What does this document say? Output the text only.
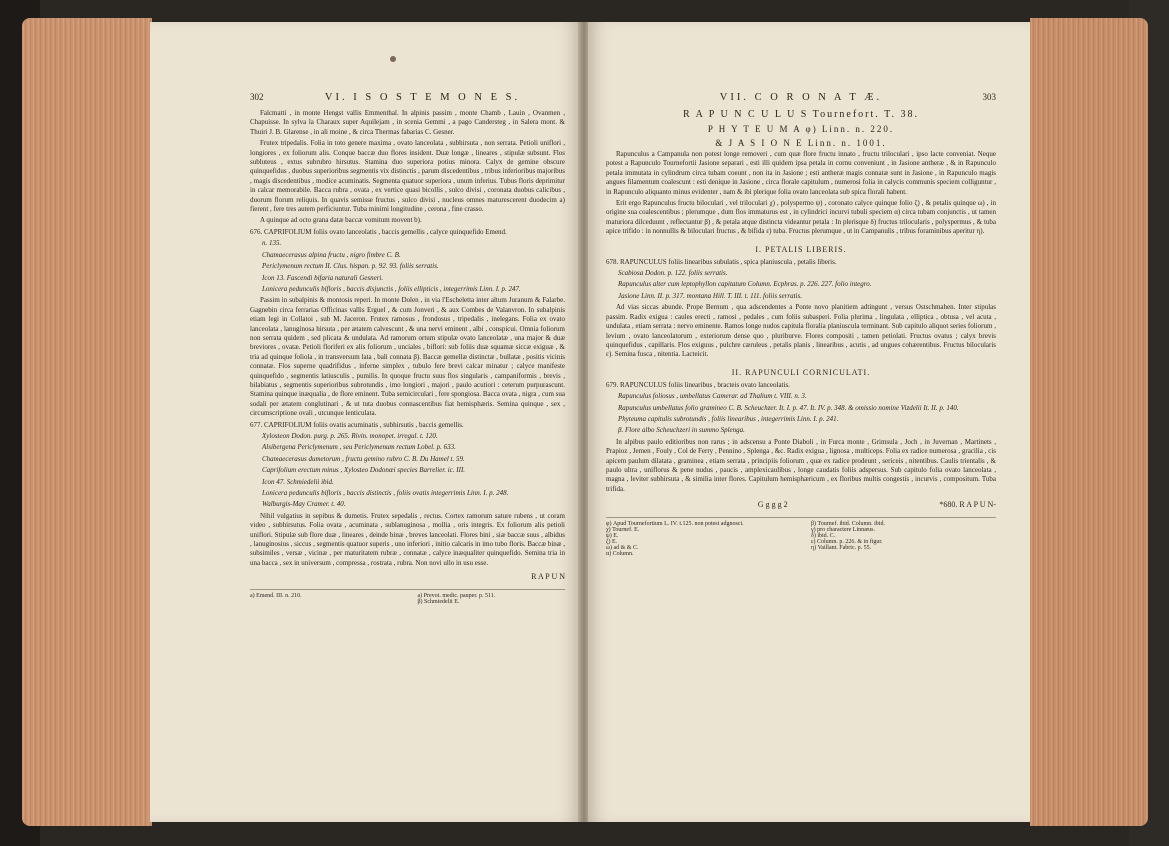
302	VI. I S O S T E M O N E S.

Falcmatti , in monte Hengst vallis Emmenthal. In alpinis passim , monte Chamb , Lauin , Ovanmen , Chapuisse. In sylva la Charaux super Aquilejam , in scenia Gemmi , a pago Candersteg , in Salera mont. & Thuiri J. B. Glarense , in ali moine , & circa Thermas fabarias C. Gesner.

Frutex tripedalis. Folia in toto genere maxima , ovato lanceolata , subhirsuta , non serrata. Petioli uniflori , longiores , ex foliorum alis. Conque baccæ duo flores insident. Duæ longæ , lineares , stipulæ subsunt. Flos subluteus , extus subrubro hirsutus. Stamina duo superiora potius minora. Calyx de gemine obscure quinquefidus , duobus superioribus segmentis vix distinctis , parum discedentibus , tribus inferioribus majoribus , magis discedentibus , modice acuminatis. Segmenta quatuor superiora , unum inferius. Tubus floris deprimitur in calcar memorabile. Bacca rubra , ovata , ex vertice quasi bicollis , sulco divisi , coronata duobus calicibus , duorum florum reliquis. In quavis semisse fructus , sulco divisi , nucleus omnes maturescerent duodecim a) fierent , fere tres autem perficiuntur. Tuba minimi longitudine , cerona , fine crasso.

A quinque ad octo grana datæ baccæ vomitum movent b).

676. CAPRIFOLIUM foliis ovato lanceolatis , baccis gemellis , calyce quinquefido Emend.

n. 135.

Chamaecerasus alpina fructu , nigro fimbre C. B.

Periclymenum rectum II. Clus. hispan. p. 92. 93. foliis serratis.

Icon 13. Fascendi bifaria naturali Gesneri.

Lonicera pedunculis bifloris , baccis disjunctis , foliis ellipticis , integerrimis Linn. I. p. 247.

Passim in subalpinis & montosis reperi. In monte Dolen , in via l'Escheletta inter altum Juranum & Falarbe. Gagnebin circa ferrarias Officinas vallis Erguel , & cum Jonveri , & aux Combes de Valanvron. In subalpinis etiam legi in Collatoi , sub M. Jaceron. Frutex ramosus , frondosus , tripedalis , inelegans. Folia ex ovato lanceolata , lanuginosa hirsuta , per ætatem calvescunt , & una nervi eminent , albi , conspicui. Omnia foliorum non serrata quidem , sed plicata & undulata. Ad ramorum ortum stipulæ ovato lanceolatæ , una major & duæ breviores , ovatæ. Petioli floriferi ex alis foliorum , unciales , biflori: sub foliis duæ squamæ siccæ exiguæ , & tria ad quinque foliola , in transversum lata , bali connata β). Baccæ gemellæ distinctæ , bullatæ , positis vicinis connatæ. Flos superne quadrifidus , inferne simplex , tubulo fere brevi calcar minatur ; calyce manifeste quinquefido , segmentis latiusculis , pumilis. In quoque fructu suus flos singularis , campaniformis , brevis , bilabiatus , segmentis superioribus subrotundis , imo longiori , majori , paulo acutiori : ceterum purpurascunt. Stamina quinque inæqualia , de flore eminent. Tuba semicirculari , fere spongiosa. Bacca ovata , nigra , cum sua sodali per ætatem conglutinari , & ut tuta duobus connascentibus fiat hemisphæris. Semina quinque , sex , circumscriptione ovali , utcunque lenticulata.

677. CAPRIFOLIUM foliis ovatis acuminatis , subhirsutis , baccis gemellis.

Xylosteon Dodon. purg. p. 265. Rivin. monopet. irregul. t. 120.

Alsibergena Periclymenum , seu Periclymenum rectum Lobel. p. 633.

Chamaecerasus dumetorum , fructu gemino rubro C. B. Du Hamel t. 59.

Caprifolium erectum minus , Xylosteo Dodonæi species Barrelier. ic. III.

Icon 47. Schmiedelii ibid.

Lonicera pedunculis bifloris , baccis distinctis , foliis ovatis integerrimis Linn. I. p. 248.

Walburgis-May Cramer. t. 40.

Nihil vulgatius in sepibus & dumetis. Frutex sepedalis , rectus. Cortex ramorum sature rubens , ut coram video , subhirsutus. Folia ovata , acuminata , sublanuginosa , mollia , oris integris. Ex foliorum alis petioli uniflori. Stipulæ sub flore duæ , lineares , deinde binæ , breves lanceolati. Flores bini , siæ baccæ suus , albidus , lanuginosius , siccus , segmentis quatuor superis , uno inferiori , initio calcaris in imo tubo floris. Baccæ binæ , subsimiles , versæ , vicinæ , per maturitatem rubræ , connatæ , calyce inæqualiter quinquefido. Semina tria in una bacca , sex in universum , compressa , rostrata , rubra. Non novi ullo in usu esse.

R A P U N
a) Emend. III. n. 210.	a) Prevot. medic. pauper. p. 511.
β) Schmiedelii E.
VII. C O R O N A T Æ.	303
R A P U N C U L U S Tournefort. T. 38.
P H Y T E U M A φ) Linn. n. 220.
& J A S I O N E Linn. n. 1001.

Rapunculus a Campanula non potest longe removeri , cum quæ flore fructu innato , fructu triloculari , ipso lacte conveniat. Neque potest a Rapunculo Tournefortii Jasione separari , esti illi quidem ipsa petala in cornu conveniunt , in Jasione antheræ , & in Rapunculo petala immutata in cylindrum circa tubam coeunt , non ita in Jasione ; esti antheræ magis connatæ sunt in Jasione , in Rapunculo magis angues filamentum coalescunt : esti denique in Jasione , circa florale capitulum , numerosi folia in calycis communis speciem colliguntur , in Rapunculo aliquanto minus evidenter , nam & ibi plerique folia ovato lanceolata sub spica florali habent.

Erit ergo Rapunculus fructu biloculari , vel triloculari χ) , polyspermo ψ) , coronato calyce quinque folio ζ) , & petalis quinque ω) , in origine sua coalescentibus ; plerumque , dum flos immaturus est , in cylindrici incurvi tubuli speciem α) circa tubam conjunctis , ut tamen maturiora dilceduunt , reflectantur β) , & petala atque distincta videantur petala : In plerisque δ) fructus trilocularis , polyspermus , & tuba apice trifido : in nonnullis & biloculari fructus , & bifida ε) tuba. Fructus plerumque , ut in Campanulis , tribus foraminibus aperitur η).

I. PETALIS LIBERIS.

678. RAPUNCULUS foliis linearibus subulatis , spica planiuscula , petalis liberis.

Scabiosa Dodon. p. 122. foliis serratis.

Rapunculus alter cum leptophyllon capitatum Column. Ecphras. p. 226. 227. folio integro.

Jasione Linn. II. p. 317. montana Hill. T. III. t. 111. foliis serratis.

Ad vias siccas abunde. Prope Bernum , qua adscendentes a Ponte novo planitiem adtingunt , versus Ostschmahen. Inter stipulas passim. Radix exigua : caules erecti , ramosi , pedales , cum foliis subasperi. Folia plurima , lingulata , elliptica , obtusa , vel acuta , undulata , etiam serrata : nervo eminente. Ramos longe nudos capitula floralia planiuscula terminant. Sub capitulo aliquot series foliorum , levium , ovato lanceolatorum , exteriorum dense quo , pluriburve. Flores compositi , tamen petiolati. Fructus ovatus ; calyx brevis quinquefidus , capillaris. Flos exiguus , pulchre cæruleus , petalis planis , linearibus , acutis , ad ungues cohærentibus. Fructus bilocularis ε). Semina fusca , nitentia. Lacteicit.

II. RAPUNCULI CORNICULATI.

679. RAPUNCULUS foliis linearibus , bracteis ovato lanceolatis.

Rapunculus foliosus , umbellatus Camerar. ad Thalium t. VIII. n. 3.

Rapunculus umbellatus folio gramineo C. B. Scheuchzer. It. I. p. 47. It. IV. p. 348. & omissio nomine Vizdelii It. II. p. 140.

Phyteuma capitulis subrotundis , foliis linearibus , integerrimis Linn. I. p. 241.

β. Flore albo Scheuchzeri in summo Splenga.

In alpibus paulo editioribus non rarus ; in adscensu a Ponte Diaboli , in Furca monte , Grimsula , Joch , in Juvernan , Martinets , Prapioz , Jemen , Fouly , Col de Ferry , Pennino , Splenga , &c. Radix exigua , lignosa , multiceps. Folia ex radice numerosa , gracilia , cis apicem paulum dilatata , graminea , etiam serrata , principiis foliorum , quæ ex radice prodeunt , sericeis , nitentibus. Caulis trientalis , & paulo ultra , uniflorus & pene nudus , paucis , amplexicaulibus , longe caudatis foliis adspersus. Sub capitulo folia ovato lanceolata , magna , leviter subhirsuta , & similia inter flores. Capitulum hemisphæricum , ex floribus multis congestis , incurvis , compositum. Tuba trifida.

G g g g 2	*680. R A P U N-
φ) Apud Tournefortium L. IV. t.125. non potest adgnosci.
χ) Tournef. E.
ψ) E.
ζ) E.
ω) ad & & C.
α) Column.
β) Tournef. ibid. Column. ibid.
γ) pro charactere Linnæus.
δ) ibid. C.
ε) Column. p. 226. & in figur.
η) Vaillant. Fabric. p. 55.
